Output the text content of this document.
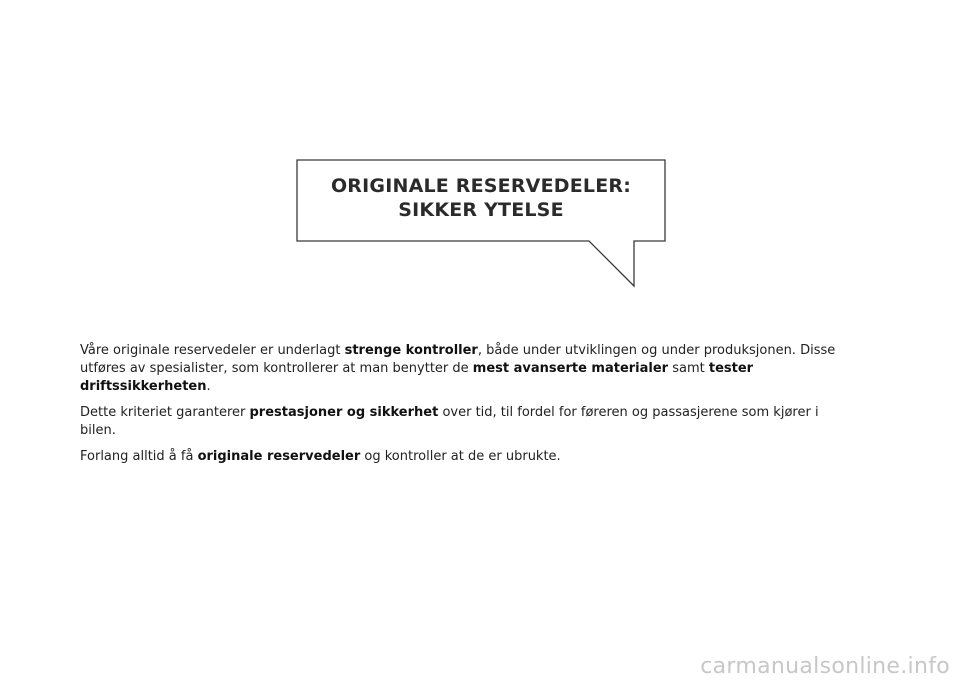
ORIGINALE RESERVEDELER:
SIKKER YTELSE

Våre originale reservedeler er underlagt strenge kontroller, både under utviklingen og under produksjonen. Disse utføres av spesialister, som kontrollerer at man benytter de mest avanserte materialer samt tester driftssikkerheten.

Dette kriteriet garanterer prestasjoner og sikkerhet over tid, til fordel for føreren og passasjerene som kjører i bilen.

Forlang alltid å få originale reservedeler og kontroller at de er ubrukte.

carmanualsonline.info
